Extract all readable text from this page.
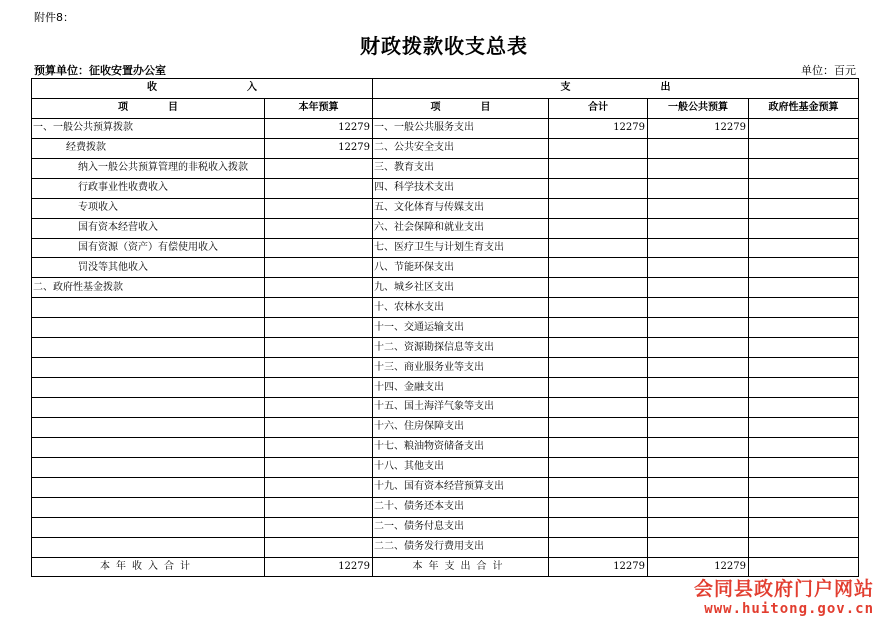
附件8：
财政拨款收支总表
预算单位：征收安置办公室	单位：百元
收　　　　　　　　　入		支　　　　　　　　　出			
项　　　　目	本年预算	项　　　　目	合计	一般公共预算	政府性基金预算
一、一般公共预算拨款	12279	一、一般公共服务支出	12279	12279	
经费拨款	12279	二、公共安全支出			
纳入一般公共预算管理的非税收入拨款		三、教育支出			
行政事业性收费收入		四、科学技术支出			
专项收入		五、文化体育与传媒支出			
国有资本经营收入		六、社会保障和就业支出			
国有资源（资产）有偿使用收入		七、医疗卫生与计划生育支出			
罚没等其他收入		八、节能环保支出			
二、政府性基金拨款		九、城乡社区支出			
		十、农林水支出			
		十一、交通运输支出			
		十二、资源勘探信息等支出			
		十三、商业服务业等支出			
		十四、金融支出			
		十五、国土海洋气象等支出			
		十六、住房保障支出			
		十七、粮油物资储备支出			
		十八、其他支出			
		十九、国有资本经营预算支出			
		二十、债务还本支出			
		二一、债务付息支出			
		二二、债务发行费用支出			
本年收入合计	12279	本年支出合计	12279	12279	
会同县政府门户网站
www.huitong.gov.cn
